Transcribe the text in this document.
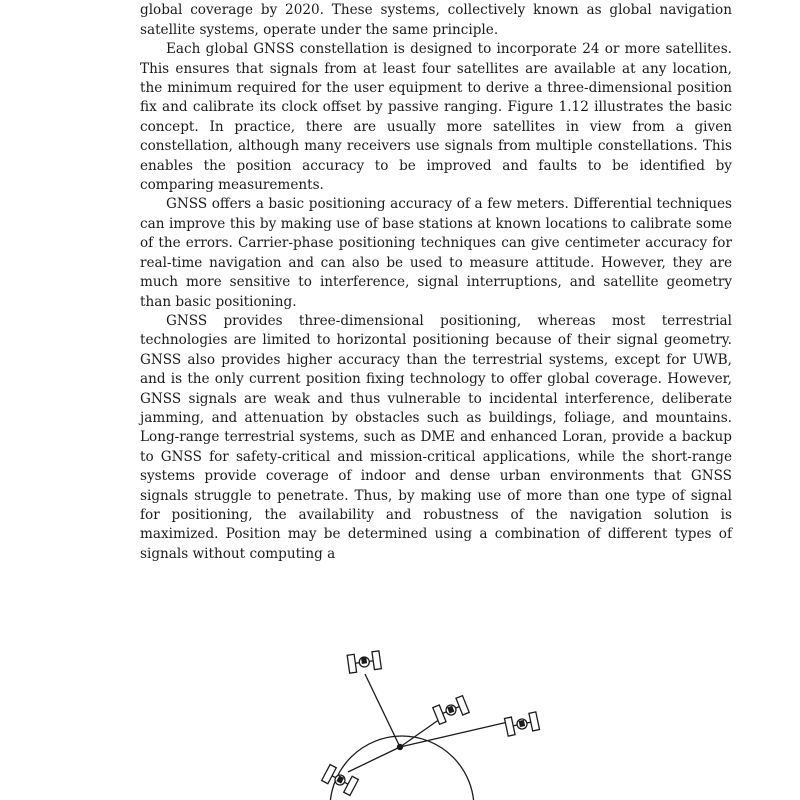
global coverage by 2020. These systems, collectively known as global navigation satellite systems, operate under the same principle.

Each global GNSS constellation is designed to incorporate 24 or more satellites. This ensures that signals from at least four satellites are available at any location, the minimum required for the user equipment to derive a three-dimensional position fix and calibrate its clock offset by passive ranging. Figure 1.12 illustrates the basic concept. In practice, there are usually more satellites in view from a given constellation, although many receivers use signals from multiple constellations. This enables the position accuracy to be improved and faults to be identified by comparing measurements.

GNSS offers a basic positioning accuracy of a few meters. Differential techniques can improve this by making use of base stations at known locations to calibrate some of the errors. Carrier-phase positioning techniques can give centimeter accuracy for real-time navigation and can also be used to measure attitude. However, they are much more sensitive to interference, signal interruptions, and satellite geometry than basic positioning.

GNSS provides three-dimensional positioning, whereas most terrestrial technologies are limited to horizontal positioning because of their signal geometry. GNSS also provides higher accuracy than the terrestrial systems, except for UWB, and is the only current position fixing technology to offer global coverage. However, GNSS signals are weak and thus vulnerable to incidental interference, deliberate jamming, and attenuation by obstacles such as buildings, foliage, and mountains. Long-range terrestrial systems, such as DME and enhanced Loran, provide a backup to GNSS for safety-critical and mission-critical applications, while the short-range systems provide coverage of indoor and dense urban environments that GNSS signals struggle to penetrate. Thus, by making use of more than one type of signal for positioning, the availability and robustness of the navigation solution is maximized. Position may be determined using a combination of different types of signals without computing a
